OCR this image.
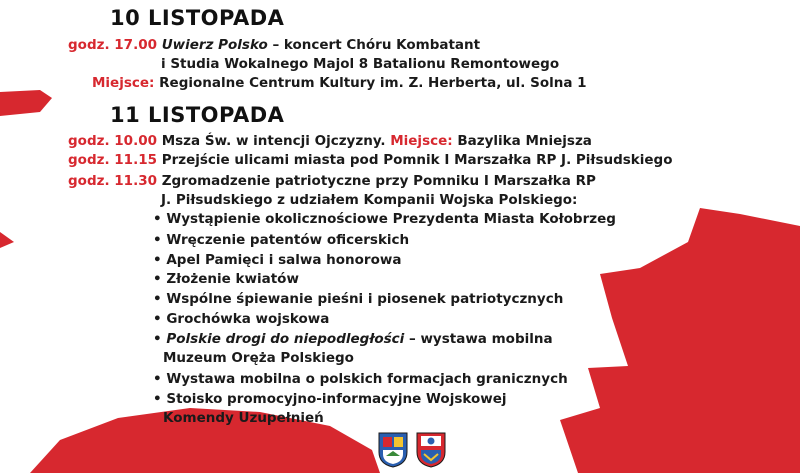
10 LISTOPADA
godz. 17.00 Uwierz Polsko – koncert Chóru Kombatant
i Studia Wokalnego Majol 8 Batalionu Remontowego
Miejsce: Regionalne Centrum Kultury im. Z. Herberta, ul. Solna 1
11 LISTOPADA
godz. 10.00 Msza Św. w intencji Ojczyzny. Miejsce: Bazylika Mniejsza
godz. 11.15 Przejście ulicami miasta pod Pomnik I Marszałka RP J. Piłsudskiego
godz. 11.30 Zgromadzenie patriotyczne przy Pomniku I Marszałka RP
J. Piłsudskiego z udziałem Kompanii Wojska Polskiego:
• Wystąpienie okolicznościowe Prezydenta Miasta Kołobrzeg
• Wręczenie patentów oficerskich
• Apel Pamięci i salwa honorowa
• Złożenie kwiatów
• Wspólne śpiewanie pieśni i piosenek patriotycznych
• Grochówka wojskowa
• Polskie drogi do niepodległości – wystawa mobilna
Muzeum Oręża Polskiego
• Wystawa mobilna o polskich formacjach granicznych
• Stoisko promocyjno-informacyjne Wojskowej
Komendy Uzupełnień
